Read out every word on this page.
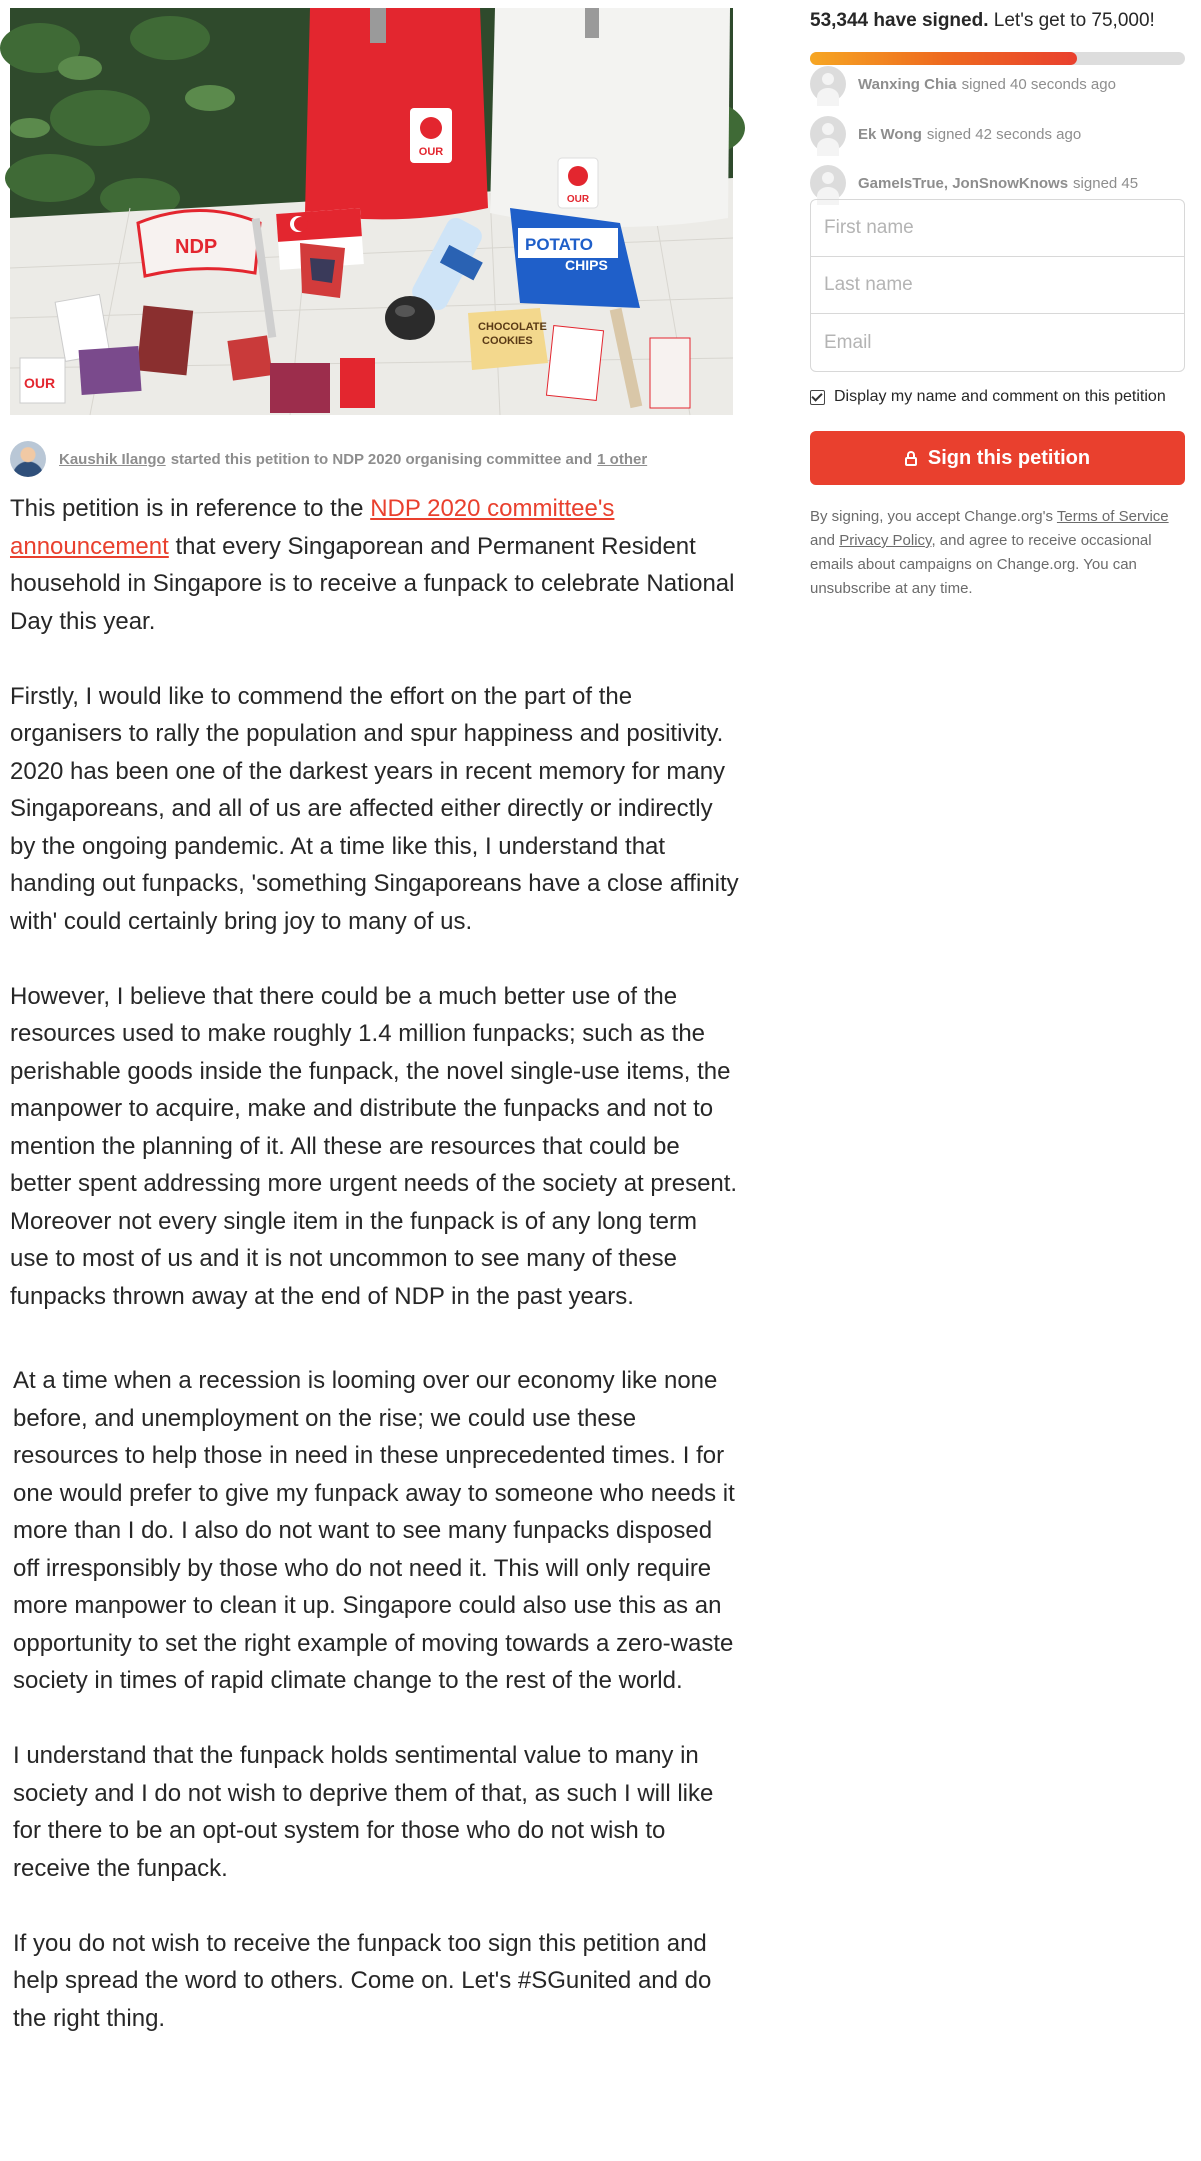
OUR
OUR
NDP	POTATO
CHIPS
CHOCOLATE
COOKIES
OUR
Kaushik Ilango started this petition to NDP 2020 organising committee and 1 other

This petition is in reference to the NDP 2020 committee's announcement that every Singaporean and Permanent Resident household in Singapore is to receive a funpack to celebrate National Day this year.

Firstly, I would like to commend the effort on the part of the organisers to rally the population and spur happiness and positivity. 2020 has been one of the darkest years in recent memory for many Singaporeans, and all of us are affected either directly or indirectly by the ongoing pandemic. At a time like this, I understand that handing out funpacks, 'something Singaporeans have a close affinity with' could certainly bring joy to many of us.

However, I believe that there could be a much better use of the resources used to make roughly 1.4 million funpacks; such as the perishable goods inside the funpack, the novel single-use items, the manpower to acquire, make and distribute the funpacks and not to mention the planning of it. All these are resources that could be better spent addressing more urgent needs of the society at present. Moreover not every single item in the funpack is of any long term use to most of us and it is not uncommon to see many of these funpacks thrown away at the end of NDP in the past years.

At a time when a recession is looming over our economy like none before, and unemployment on the rise; we could use these resources to help those in need in these unprecedented times. I for one would prefer to give my funpack away to someone who needs it more than I do. I also do not want to see many funpacks disposed off irresponsibly by those who do not need it. This will only require more manpower to clean it up. Singapore could also use this as an opportunity to set the right example of moving towards a zero-waste society in times of rapid climate change to the rest of the world.

I understand that the funpack holds sentimental value to many in society and I do not wish to deprive them of that, as such I will like for there to be an opt-out system for those who do not wish to receive the funpack.

If you do not wish to receive the funpack too sign this petition and help spread the word to others. Come on. Let's #SGunited and do the right thing.

53,344 have signed. Let's get to 75,000!
Wanxing Chia signed 40 seconds ago
Ek Wong signed 42 seconds ago
GameIsTrue, JonSnowKnows signed 45
First name
Last name
Email
Display my name and comment on this petition
Sign this petition
By signing, you accept Change.org's Terms of Service and Privacy Policy, and agree to receive occasional emails about campaigns on Change.org. You can unsubscribe at any time.
